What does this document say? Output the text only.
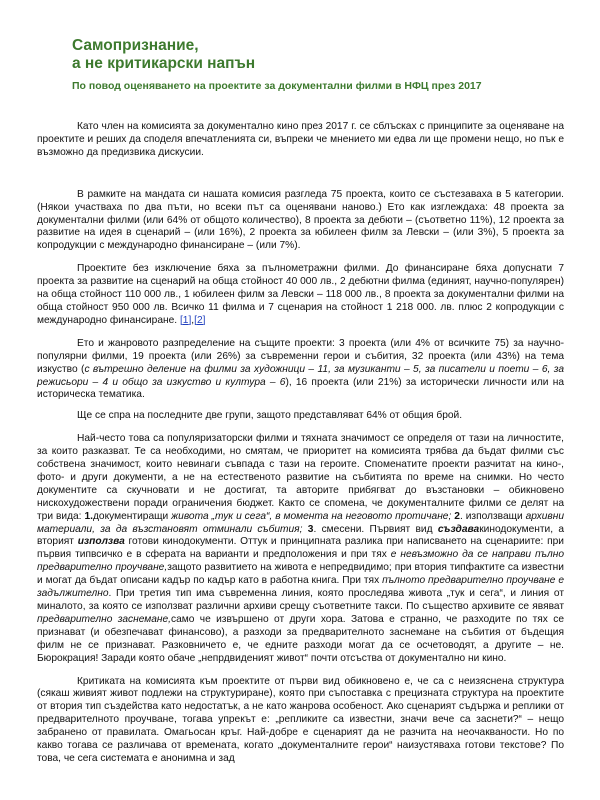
Самопризнание,
а не критикарски напън
По повод оценяването на проектите за документални филми в НФЦ през 2017

Като член на комисията за документално кино през 2017 г. се сблъсках с принципите за оценяване на проектите и реших да споделя впечатленията си, въпреки че мнението ми едва ли ще промени нещо, но пък е възможно да предизвика дискусии.

В рамките на мандата си нашата комисия разгледа 75 проекта, които се състезаваха в 5 категории. (Някои участваха по два пъти, но всеки път са оценявани наново.) Ето как изглеждаха: 48 проекта за документални филми (или 64% от общото количество), 8 проекта за дебюти – (съответно 11%), 12 проекта за развитие на идея в сценарий – (или 16%), 2 проекта за юбилеен филм за Левски – (или 3%), 5 проекта за копродукции с международно финансиране – (или 7%).

Проектите без изключение бяха за пълнометражни филми. До финансиране бяха допуснати 7 проекта за развитие на сценарий на обща стойност 40 000 лв., 2 дебютни филма (единият, научно-популярен) на обща стойност 110 000 лв., 1 юбилеен филм за Левски – 118 000 лв., 8 проекта за документални филми на обща стойност 950 000 лв. Всичко 11 филма и 7 сценария на стойност 1 218 000. лв. плюс 2 копродукции с международно финансиране. [1],[2]

Ето и жанровото разпределение на същите проекти: 3 проекта (или 4% от всичките 75) за научно-популярни филми, 19 проекта (или 26%) за съвременни герои и събития, 32 проекта (или 43%) на тема изкуство (с вътрешно деление на филми за художници – 11, за музиканти – 5, за писатели и поети – 6, за режисьори – 4 и общо за изкуство и култура – 6), 16 проекта (или 21%) за исторически личности или на историческа тематика.

Ще се спра на последните две групи, защото представляват 64% от общия брой.

Най-често това са популяризаторски филми и тяхната значимост се определя от тази на личностите, за които разказват. Те са необходими, но смятам, че приоритет на комисията трябва да бъдат филми със собствена значимост, които невинаги съвпада с тази на героите. Споменатите проекти разчитат на кино-, фото- и други документи, а не на естественото развитие на събитията по време на снимки. Но често документите са скучновати и не достигат, та авторите прибягват до възстановки – обикновено нискохудожествени поради ограничения бюджет. Както се спомена, че документалните филми се делят на три вида: 1.документиращи живота „тук и сега“, в момента на неговото протичане; 2. използващи архивни материали, за да възстановят отминали събития; 3. смесени. Първият вид създавакинодокументи, а вторият използва готови кинодокументи. Оттук и принципната разлика при написването на сценариите: при първия типвсичко е в сферата на варианти и предположения и при тях е невъзможно да се направи пълно предварително проучване,защото развитието на живота е непредвидимо; при втория типфактите са известни и могат да бъдат описани кадър по кадър като в работна книга. При тях пълното предварително проучване е задължително. При третия тип има съвременна линия, която проследява живота „тук и сега“, и линия от миналото, за която се използват различни архиви срещу съответните такси. По същество архивите се явяват предварително заснемане,само че извършено от други хора. Затова е странно, че разходите по тях се признават (и обезпечават финансово), а разходи за предварителното заснемане на събития от бъдещия филм не се признават. Разковничето е, че едните разходи могат да се осчетоводят, а другите – не. Бюрокрация! Заради която обаче „непрдвиденият живот“ почти отсъства от документално ни кино.

Критиката на комисията към проектите от първи вид обикновено е, че са с неизяснена структура (сякаш живият живот подлежи на структуриране), която при съпоставка с прецизната структура на проектите от втория тип създейства като недостатък, а не като жанрова особеност. Ако сценарият съдържа и реплики от предварителното проучване, тогава упрекът е: „репликите са известни, значи вече са заснети?“ – нещо забранено от правилата. Омагьосан кръг. Най-добре е сценарият да не разчита на неочакваности. Но по какво тогава се различава от времената, когато „документалните герои“ наизустяваха готови текстове? По това, че сега системата е анонимна и зад
